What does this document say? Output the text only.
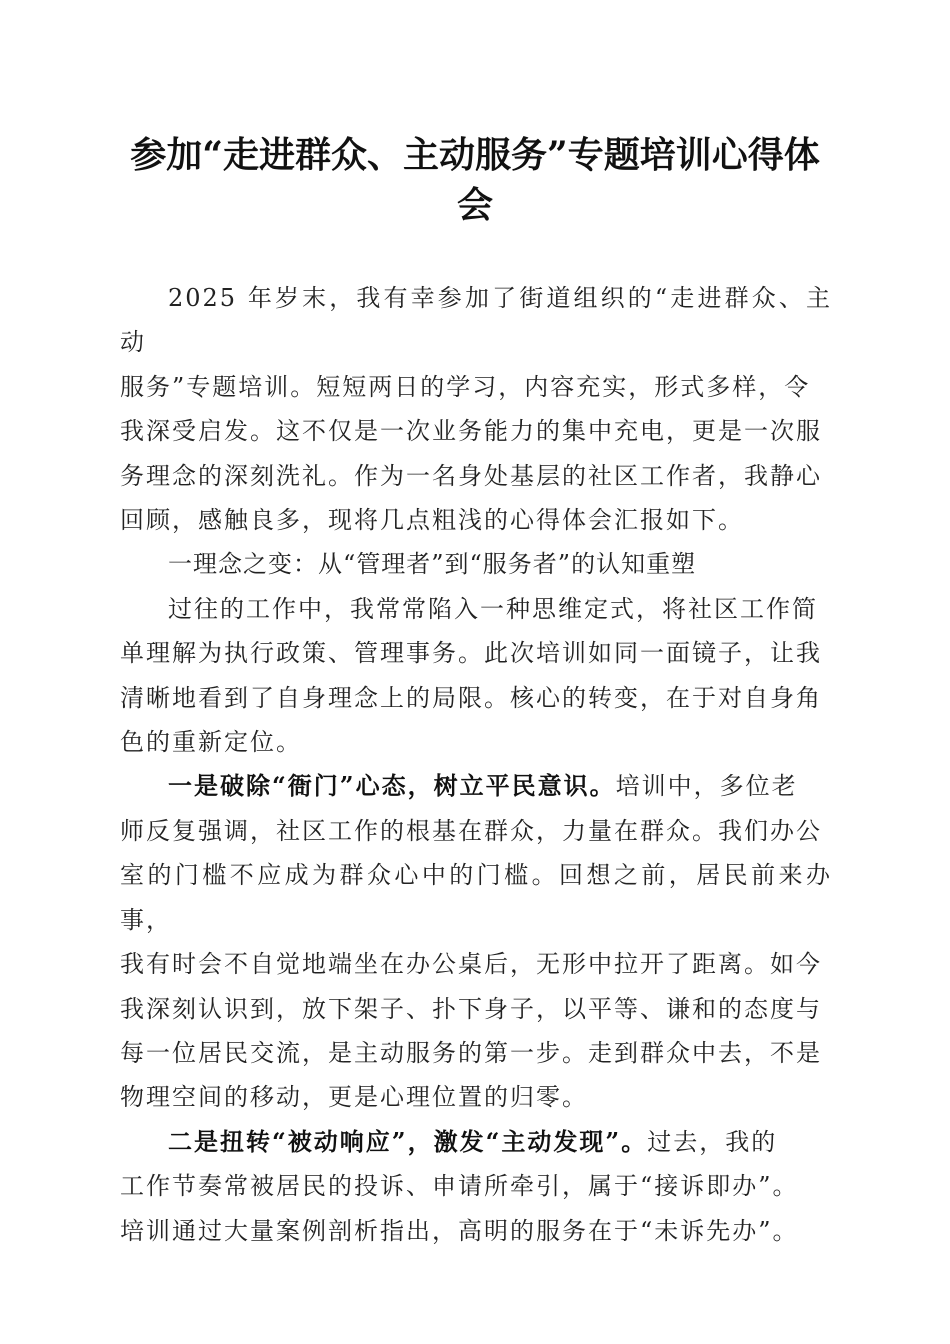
参加“走进群众、主动服务”专题培训心得体 会

2025 年岁末，我有幸参加了街道组织的“走进群众、主动
服务”专题培训。短短两日的学习，内容充实，形式多样，令
我深受启发。这不仅是一次业务能力的集中充电，更是一次服
务理念的深刻洗礼。作为一名身处基层的社区工作者，我静心
回顾，感触良多，现将几点粗浅的心得体会汇报如下。

一理念之变：从“管理者”到“服务者”的认知重塑

过往的工作中，我常常陷入一种思维定式，将社区工作简
单理解为执行政策、管理事务。此次培训如同一面镜子，让我
清晰地看到了自身理念上的局限。核心的转变，在于对自身角
色的重新定位。

一是破除“衙门”心态，树立平民意识。培训中，多位老
师反复强调，社区工作的根基在群众，力量在群众。我们办公
室的门槛不应成为群众心中的门槛。回想之前，居民前来办事，
我有时会不自觉地端坐在办公桌后，无形中拉开了距离。如今
我深刻认识到，放下架子、扑下身子，以平等、谦和的态度与
每一位居民交流，是主动服务的第一步。走到群众中去，不是
物理空间的移动，更是心理位置的归零。

二是扭转“被动响应”，激发“主动发现”。过去，我的
工作节奏常被居民的投诉、申请所牵引，属于“接诉即办”。
培训通过大量案例剖析指出，高明的服务在于“未诉先办”。
